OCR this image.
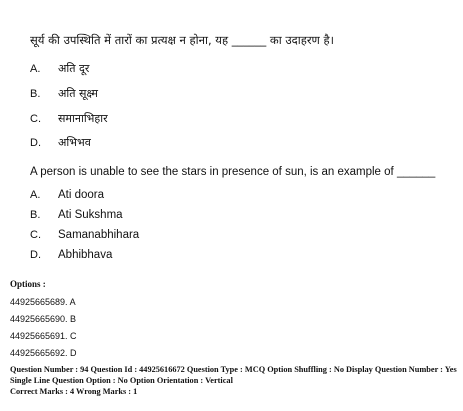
सूर्य की उपस्थिति में तारों का प्रत्यक्ष न होना, यह ______ का उदाहरण है।
A. अति दूर
B. अति सूक्ष्म
C. समानाभिहार
D. अभिभव
A person is unable to see the stars in presence of sun, is an example of ______
A. Ati doora
B. Ati Sukshma
C. Samanabhihara
D. Abhibhava
Options :
44925665689. A
44925665690. B
44925665691. C
44925665692. D
Question Number : 94 Question Id : 44925616672 Question Type : MCQ Option Shuffling : No Display Question Number : Yes
Single Line Question Option : No Option Orientation : Vertical
Correct Marks : 4 Wrong Marks : 1
